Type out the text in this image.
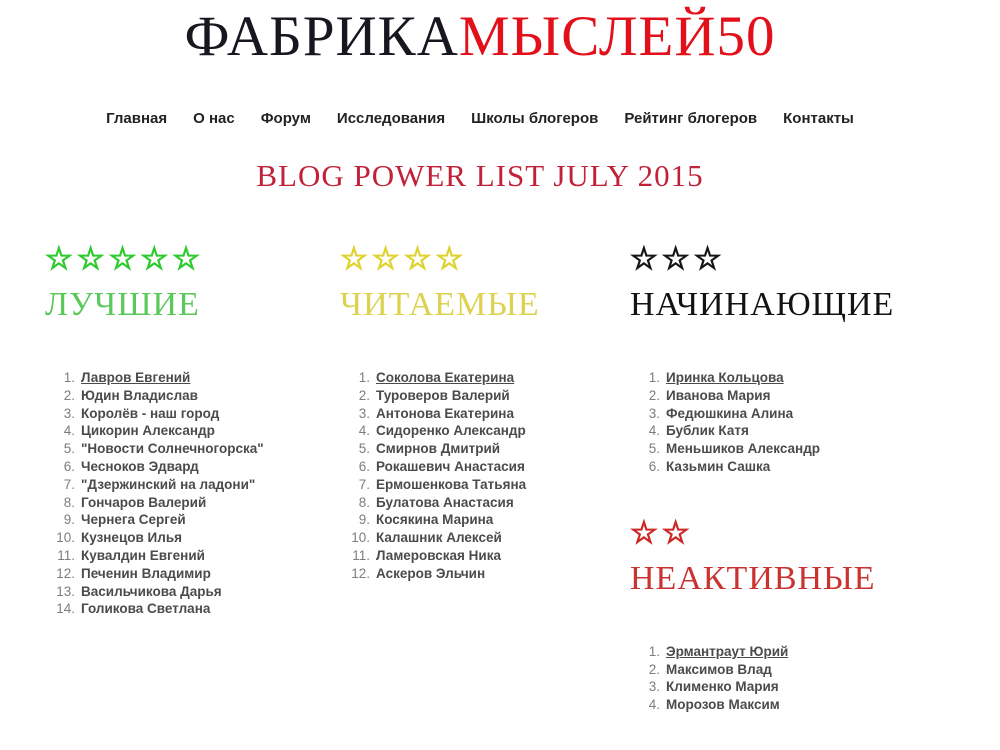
ФАБРИКАМЫСЛЕЙ50
Главная О нас Форум Исследования Школы блогеров Рейтинг блогеров Контакты
BLOG POWER LIST JULY 2015
☆☆☆☆☆
ЛУЧШИЕ
1. Лавров Евгений
2. Юдин Владислав
3. Королёв - наш город
4. Цикорин Александр
5. "Новости Солнечногорска"
6. Чесноков Эдвард
7. "Дзержинский на ладони"
8. Гончаров Валерий
9. Чернега Сергей
10. Кузнецов Илья
11. Кувалдин Евгений
12. Печенин Владимир
13. Васильчикова Дарья
14. Голикова Светлана
☆☆☆☆
ЧИТАЕМЫЕ
1. Соколова Екатерина
2. Туроверов Валерий
3. Антонова Екатерина
4. Сидоренко Александр
5. Смирнов Дмитрий
6. Рокашевич Анастасия
7. Ермошенкова Татьяна
8. Булатова Анастасия
9. Косякина Марина
10. Калашник Алексей
11. Ламеровская Ника
12. Аскеров Эльчин
☆☆☆
НАЧИНАЮЩИЕ
1. Иринка Кольцова
2. Иванова Мария
3. Федюшкина Алина
4. Бублик Катя
5. Меньшиков Александр
6. Казьмин Сашка
☆☆
НЕАКТИВНЫЕ
1. Эрмантраут Юрий
2. Максимов Влад
3. Клименко Мария
4. Морозов Максим
